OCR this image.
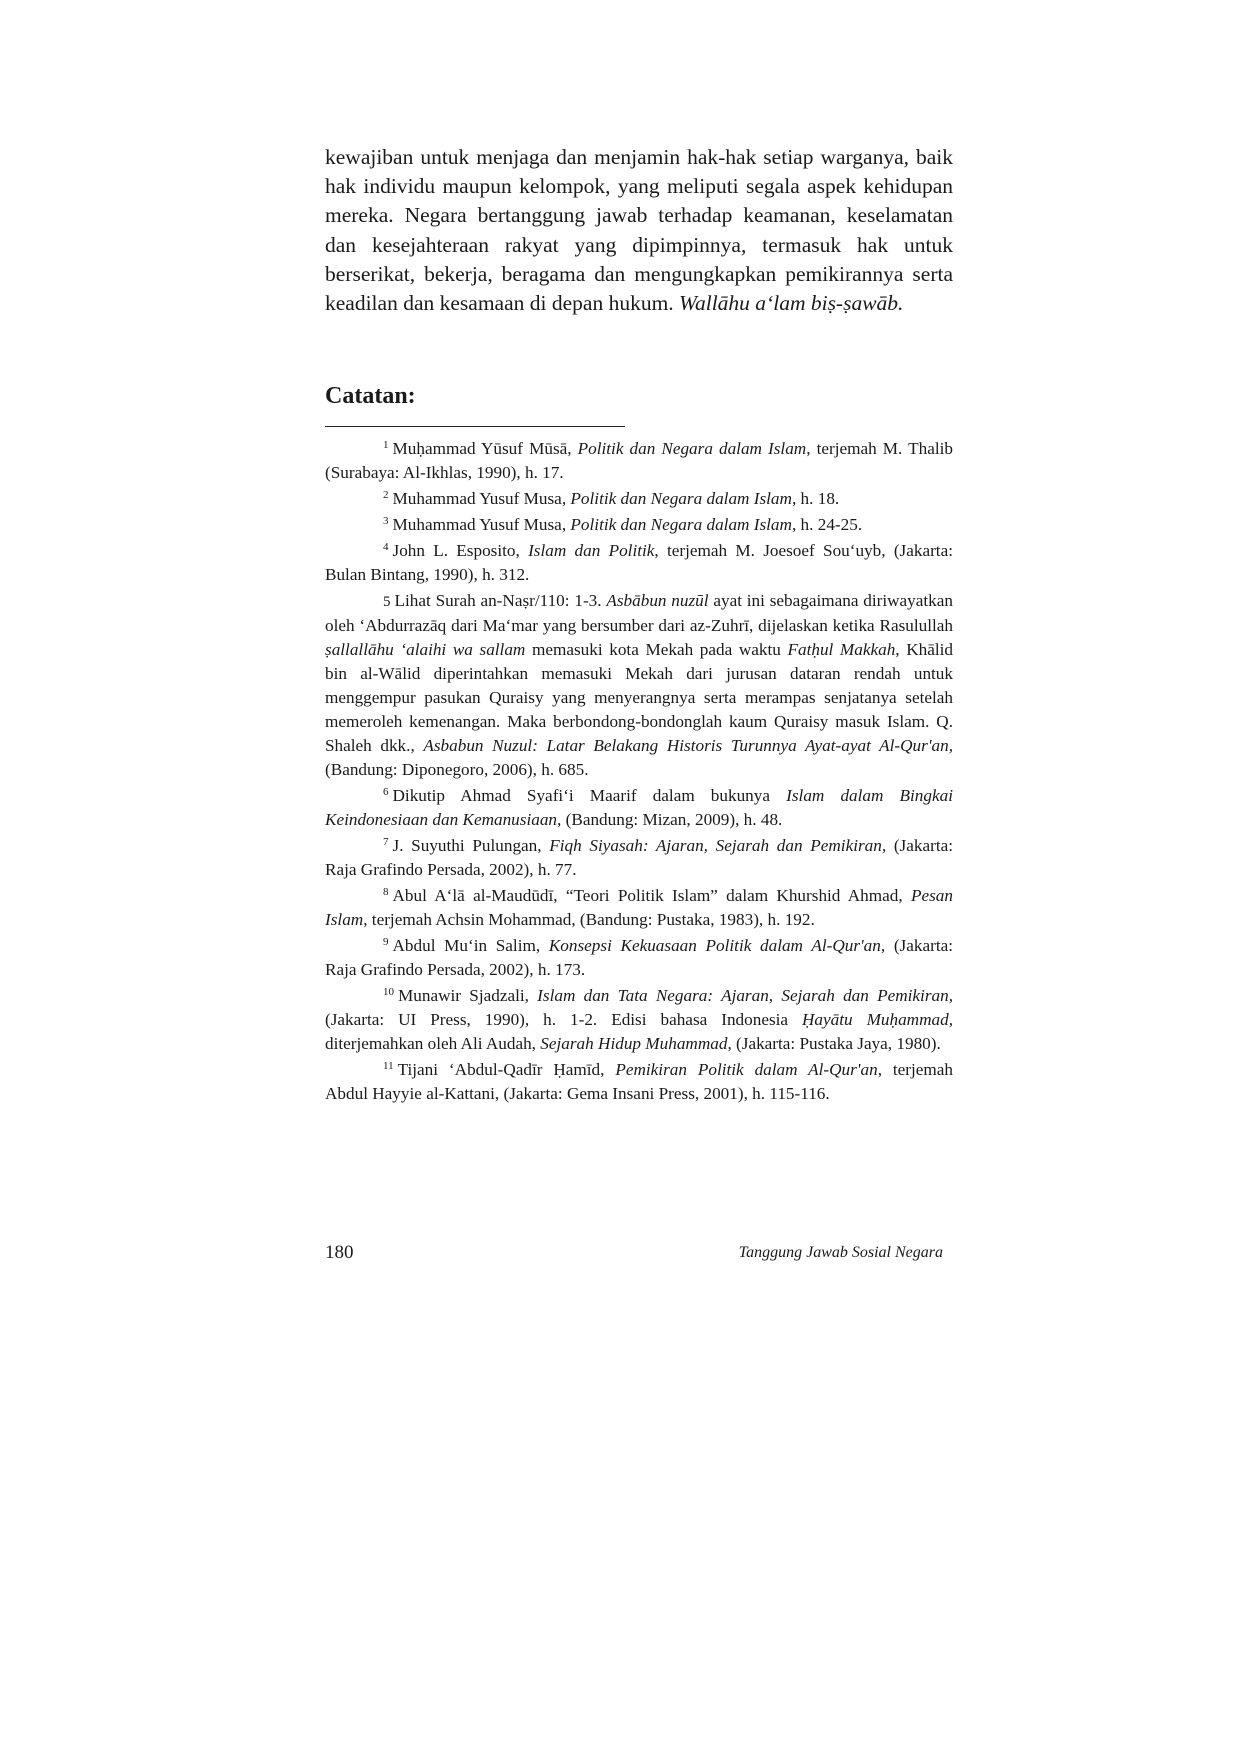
kewajiban untuk menjaga dan menjamin hak-hak setiap warganya, baik hak individu maupun kelompok, yang meliputi segala aspek kehidupan mereka. Negara bertanggung jawab terhadap keamanan, keselamatan dan kesejahteraan rakyat yang dipimpinnya, termasuk hak untuk berserikat, bekerja, beragama dan mengungkapkan pemikirannya serta keadilan dan kesamaan di depan hukum. Wallāhu a‘lam biṣ-ṣawāb.

Catatan:

$^1$ Muḥammad Yūsuf Mūsā, Politik dan Negara dalam Islam, terjemah M. Thalib (Surabaya: Al-Ikhlas, 1990), h. 17.

$^2$ Muhammad Yusuf Musa, Politik dan Negara dalam Islam, h. 18.

$^3$ Muhammad Yusuf Musa, Politik dan Negara dalam Islam, h. 24-25.

$^4$ John L. Esposito, Islam dan Politik, terjemah M. Joesoef Sou‘uyb, (Jakarta: Bulan Bintang, 1990), h. 312.

5 Lihat Surah an-Naṣr/110: 1-3. Asbābun nuzūl ayat ini sebagaimana diriwayatkan oleh ‘Abdurrazāq dari Ma‘mar yang bersumber dari az-Zuhrī, dijelaskan ketika Rasulullah ṣallallāhu ‘alaihi wa sallam memasuki kota Mekah pada waktu Fatḥul Makkah, Khālid bin al-Wālid diperintahkan memasuki Mekah dari jurusan dataran rendah untuk menggempur pasukan Quraisy yang menyerangnya serta merampas senjatanya setelah memeroleh kemenangan. Maka berbondong-bondonglah kaum Quraisy masuk Islam. Q. Shaleh dkk., Asbabun Nuzul: Latar Belakang Historis Turunnya Ayat-ayat Al-Qur'an, (Bandung: Diponegoro, 2006), h. 685.

$^6$ Dikutip Ahmad Syafi‘i Maarif dalam bukunya Islam dalam Bingkai Keindonesiaan dan Kemanusiaan, (Bandung: Mizan, 2009), h. 48.

$^7$ J. Suyuthi Pulungan, Fiqh Siyasah: Ajaran, Sejarah dan Pemikiran, (Jakarta: Raja Grafindo Persada, 2002), h. 77.

$^8$ Abul A‘lā al-Maudūdī, “Teori Politik Islam” dalam Khurshid Ahmad, Pesan Islam, terjemah Achsin Mohammad, (Bandung: Pustaka, 1983), h. 192.

$^9$ Abdul Mu‘in Salim, Konsepsi Kekuasaan Politik dalam Al-Qur'an, (Jakarta: Raja Grafindo Persada, 2002), h. 173.

$^{10}$ Munawir Sjadzali, Islam dan Tata Negara: Ajaran, Sejarah dan Pemikiran, (Jakarta: UI Press, 1990), h. 1-2. Edisi bahasa Indonesia Ḥayātu Muḥammad, diterjemahkan oleh Ali Audah, Sejarah Hidup Muhammad, (Jakarta: Pustaka Jaya, 1980).

$^{11}$ Tijani ‘Abdul-Qadīr Ḥamīd, Pemikiran Politik dalam Al-Qur'an, terjemah Abdul Hayyie al-Kattani, (Jakarta: Gema Insani Press, 2001), h. 115-116.

180	Tanggung Jawab Sosial Negara
